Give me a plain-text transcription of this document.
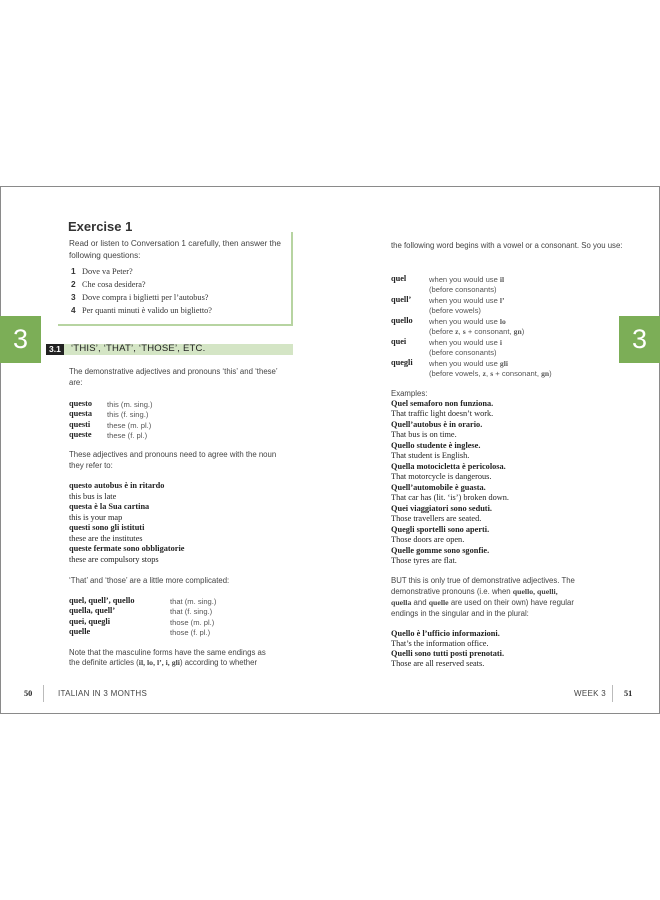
Exercise 1
Read or listen to Conversation 1 carefully, then answer the following questions:
1 Dove va Peter?
2 Che cosa desidera?
3 Dove compra i biglietti per l’autobus?
4 Per quanti minuti è valido un biglietto?
3	3.1	‘THIS’, ‘THAT’, ‘THOSE’, ETC.
The demonstrative adjectives and pronouns ‘this’ and ‘these’ are:
questo this (m. sing.)
questa this (f. sing.)
questi these (m. pl.)
queste these (f. pl.)
These adjectives and pronouns need to agree with the noun they refer to:
questo autobus è in ritardo
this bus is late
questa è la Sua cartina
this is your map
questi sono gli istituti
these are the institutes
queste fermate sono obbligatorie
these are compulsory stops
‘That’ and ‘those’ are a little more complicated:
quel, quell’, quello	that (m. sing.)
quella, quell’	that (f. sing.)
quei, quegli	those (m. pl.)
quelle	those (f. pl.)
Note that the masculine forms have the same endings as
the definite articles (il, lo, l’, i, gli) according to whether
50	ITALIAN IN 3 MONTHS
the following word begins with a vowel or a consonant. So you use:
quel	when you would use il
(before consonants)
quell’ when you would use l’
(before vowels)
quello when you would use lo
(before z, s + consonant, gn)
quei	when you would use i
(before consonants)
quegli when you would use gli
(before vowels, z, s + consonant, gn)
3
Examples:
Quel semaforo non funziona.
That traffic light doesn’t work.
Quell’autobus è in orario.
That bus is on time.
Quello studente è inglese.
That student is English.
Quella motocicletta è pericolosa.
That motorcycle is dangerous.
Quell’automobile è guasta.
That car has (lit. ‘is’) broken down.
Quei viaggiatori sono seduti.
Those travellers are seated.
Quegli sportelli sono aperti.
Those doors are open.
Quelle gomme sono sgonfie.
Those tyres are flat.
BUT this is only true of demonstrative adjectives. The
demonstrative pronouns (i.e. when quello, quelli,
quella and quelle are used on their own) have regular
endings in the singular and in the plural:
Quello è l’ufficio informazioni.
That’s the information office.
Quelli sono tutti posti prenotati.
Those are all reserved seats.
WEEK 3 51
